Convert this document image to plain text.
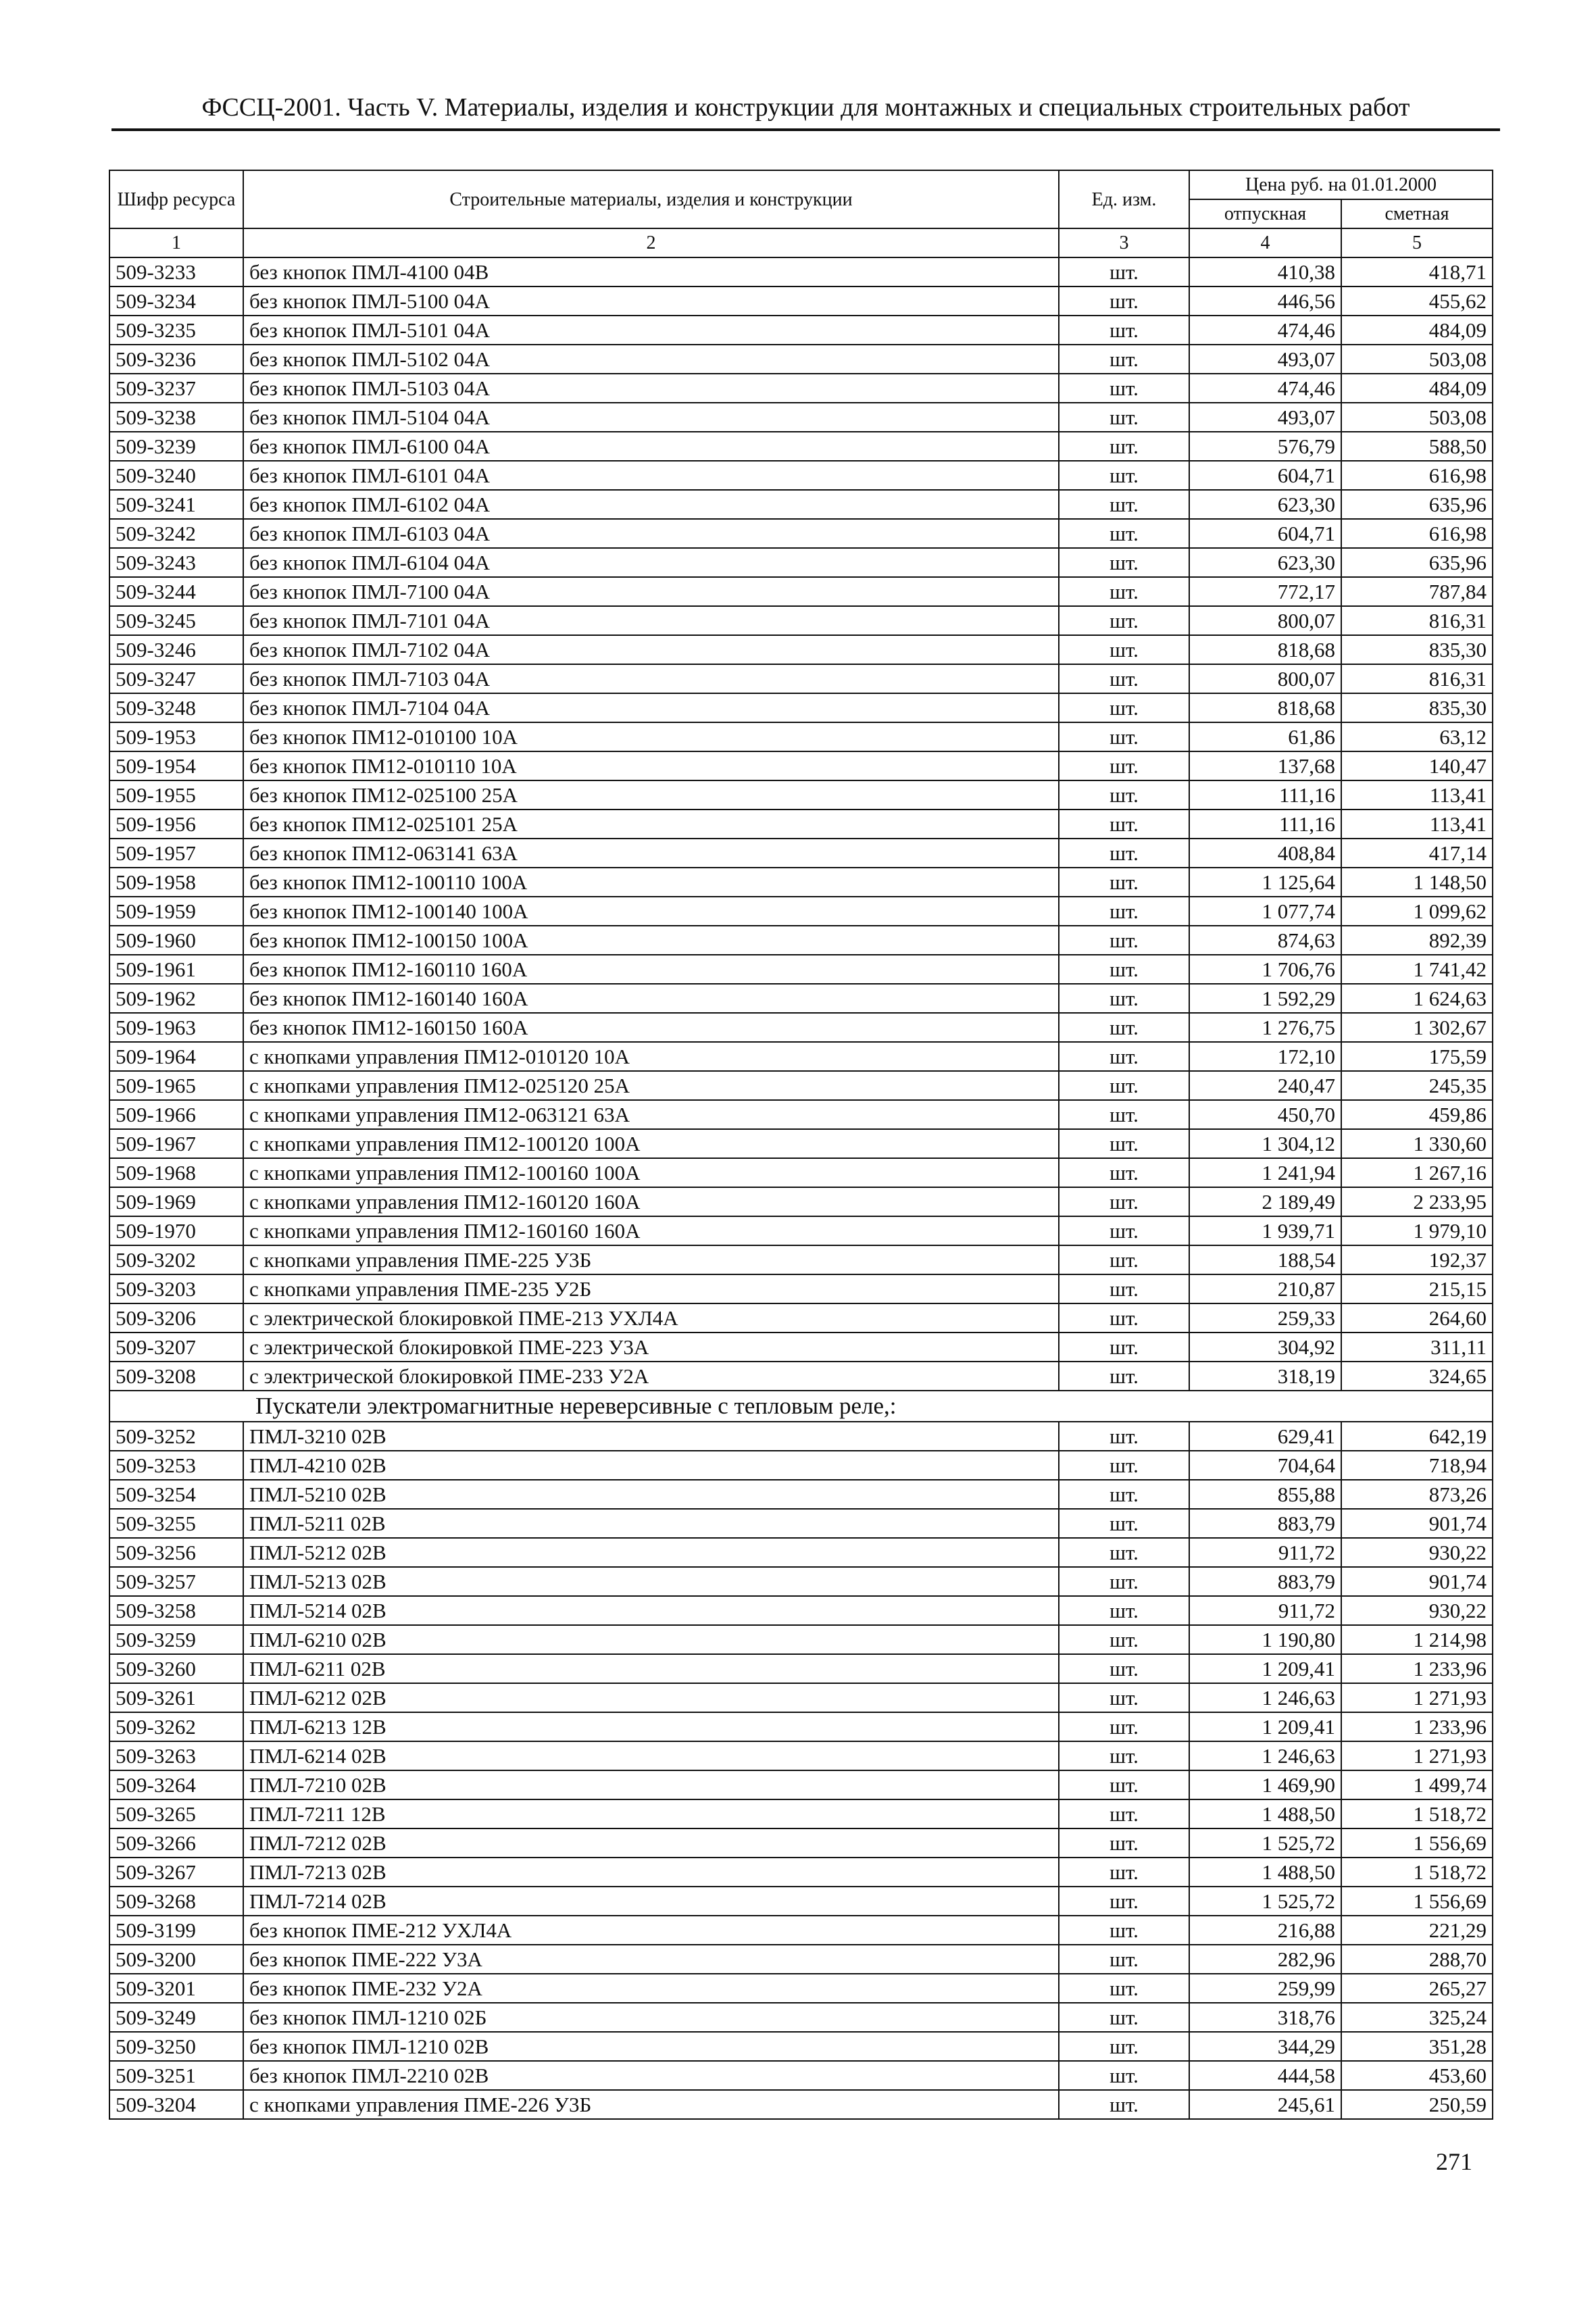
ФССЦ-2001. Часть V. Материалы, изделия и конструкции для монтажных и специальных строительных работ
Шифр ресурса	Строительные материалы, изделия и конструкции	Ед. изм.	Цена руб. на 01.01.2000	
			отпускная	сметная
1	2	3	4	5
509-3233	без кнопок ПМЛ-4100 04В	шт.	410,38	418,71
509-3234	без кнопок ПМЛ-5100 04А	шт.	446,56	455,62
509-3235	без кнопок ПМЛ-5101 04А	шт.	474,46	484,09
509-3236	без кнопок ПМЛ-5102 04А	шт.	493,07	503,08
509-3237	без кнопок ПМЛ-5103 04А	шт.	474,46	484,09
509-3238	без кнопок ПМЛ-5104 04А	шт.	493,07	503,08
509-3239	без кнопок ПМЛ-6100 04А	шт.	576,79	588,50
509-3240	без кнопок ПМЛ-6101 04А	шт.	604,71	616,98
509-3241	без кнопок ПМЛ-6102 04А	шт.	623,30	635,96
509-3242	без кнопок ПМЛ-6103 04А	шт.	604,71	616,98
509-3243	без кнопок ПМЛ-6104 04А	шт.	623,30	635,96
509-3244	без кнопок ПМЛ-7100 04А	шт.	772,17	787,84
509-3245	без кнопок ПМЛ-7101 04А	шт.	800,07	816,31
509-3246	без кнопок ПМЛ-7102 04А	шт.	818,68	835,30
509-3247	без кнопок ПМЛ-7103 04А	шт.	800,07	816,31
509-3248	без кнопок ПМЛ-7104 04А	шт.	818,68	835,30
509-1953	без кнопок ПМ12-010100 10А	шт.	61,86	63,12
509-1954	без кнопок ПМ12-010110 10А	шт.	137,68	140,47
509-1955	без кнопок ПМ12-025100 25А	шт.	111,16	113,41
509-1956	без кнопок ПМ12-025101 25А	шт.	111,16	113,41
509-1957	без кнопок ПМ12-063141 63А	шт.	408,84	417,14
509-1958	без кнопок ПМ12-100110 100А	шт.	1 125,64	1 148,50
509-1959	без кнопок ПМ12-100140 100А	шт.	1 077,74	1 099,62
509-1960	без кнопок ПМ12-100150 100А	шт.	874,63	892,39
509-1961	без кнопок ПМ12-160110 160А	шт.	1 706,76	1 741,42
509-1962	без кнопок ПМ12-160140 160А	шт.	1 592,29	1 624,63
509-1963	без кнопок ПМ12-160150 160А	шт.	1 276,75	1 302,67
509-1964	с кнопками управления ПМ12-010120 10А	шт.	172,10	175,59
509-1965	с кнопками управления ПМ12-025120 25А	шт.	240,47	245,35
509-1966	с кнопками управления ПМ12-063121 63А	шт.	450,70	459,86
509-1967	с кнопками управления ПМ12-100120 100А	шт.	1 304,12	1 330,60
509-1968	с кнопками управления ПМ12-100160 100А	шт.	1 241,94	1 267,16
509-1969	с кнопками управления ПМ12-160120 160А	шт.	2 189,49	2 233,95
509-1970	с кнопками управления ПМ12-160160 160А	шт.	1 939,71	1 979,10
509-3202	с кнопками управления ПМЕ-225 У3Б	шт.	188,54	192,37
509-3203	с кнопками управления ПМЕ-235 У2Б	шт.	210,87	215,15
509-3206	с электрической блокировкой ПМЕ-213 УХЛ4А	шт.	259,33	264,60
509-3207	с электрической блокировкой ПМЕ-223 У3А	шт.	304,92	311,11
509-3208	с электрической блокировкой ПМЕ-233 У2А	шт.	318,19	324,65
Пускатели электромагнитные нереверсивные с тепловым реле,:				
509-3252	ПМЛ-3210 02В	шт.	629,41	642,19
509-3253	ПМЛ-4210 02В	шт.	704,64	718,94
509-3254	ПМЛ-5210 02В	шт.	855,88	873,26
509-3255	ПМЛ-5211 02В	шт.	883,79	901,74
509-3256	ПМЛ-5212 02В	шт.	911,72	930,22
509-3257	ПМЛ-5213 02В	шт.	883,79	901,74
509-3258	ПМЛ-5214 02В	шт.	911,72	930,22
509-3259	ПМЛ-6210 02В	шт.	1 190,80	1 214,98
509-3260	ПМЛ-6211 02В	шт.	1 209,41	1 233,96
509-3261	ПМЛ-6212 02В	шт.	1 246,63	1 271,93
509-3262	ПМЛ-6213 12В	шт.	1 209,41	1 233,96
509-3263	ПМЛ-6214 02В	шт.	1 246,63	1 271,93
509-3264	ПМЛ-7210 02В	шт.	1 469,90	1 499,74
509-3265	ПМЛ-7211 12В	шт.	1 488,50	1 518,72
509-3266	ПМЛ-7212 02В	шт.	1 525,72	1 556,69
509-3267	ПМЛ-7213 02В	шт.	1 488,50	1 518,72
509-3268	ПМЛ-7214 02В	шт.	1 525,72	1 556,69
509-3199	без кнопок ПМЕ-212 УХЛ4А	шт.	216,88	221,29
509-3200	без кнопок ПМЕ-222 У3А	шт.	282,96	288,70
509-3201	без кнопок ПМЕ-232 У2А	шт.	259,99	265,27
509-3249	без кнопок ПМЛ-1210 02Б	шт.	318,76	325,24
509-3250	без кнопок ПМЛ-1210 02В	шт.	344,29	351,28
509-3251	без кнопок ПМЛ-2210 02В	шт.	444,58	453,60
509-3204	с кнопками управления ПМЕ-226 У3Б	шт.	245,61	250,59
271
